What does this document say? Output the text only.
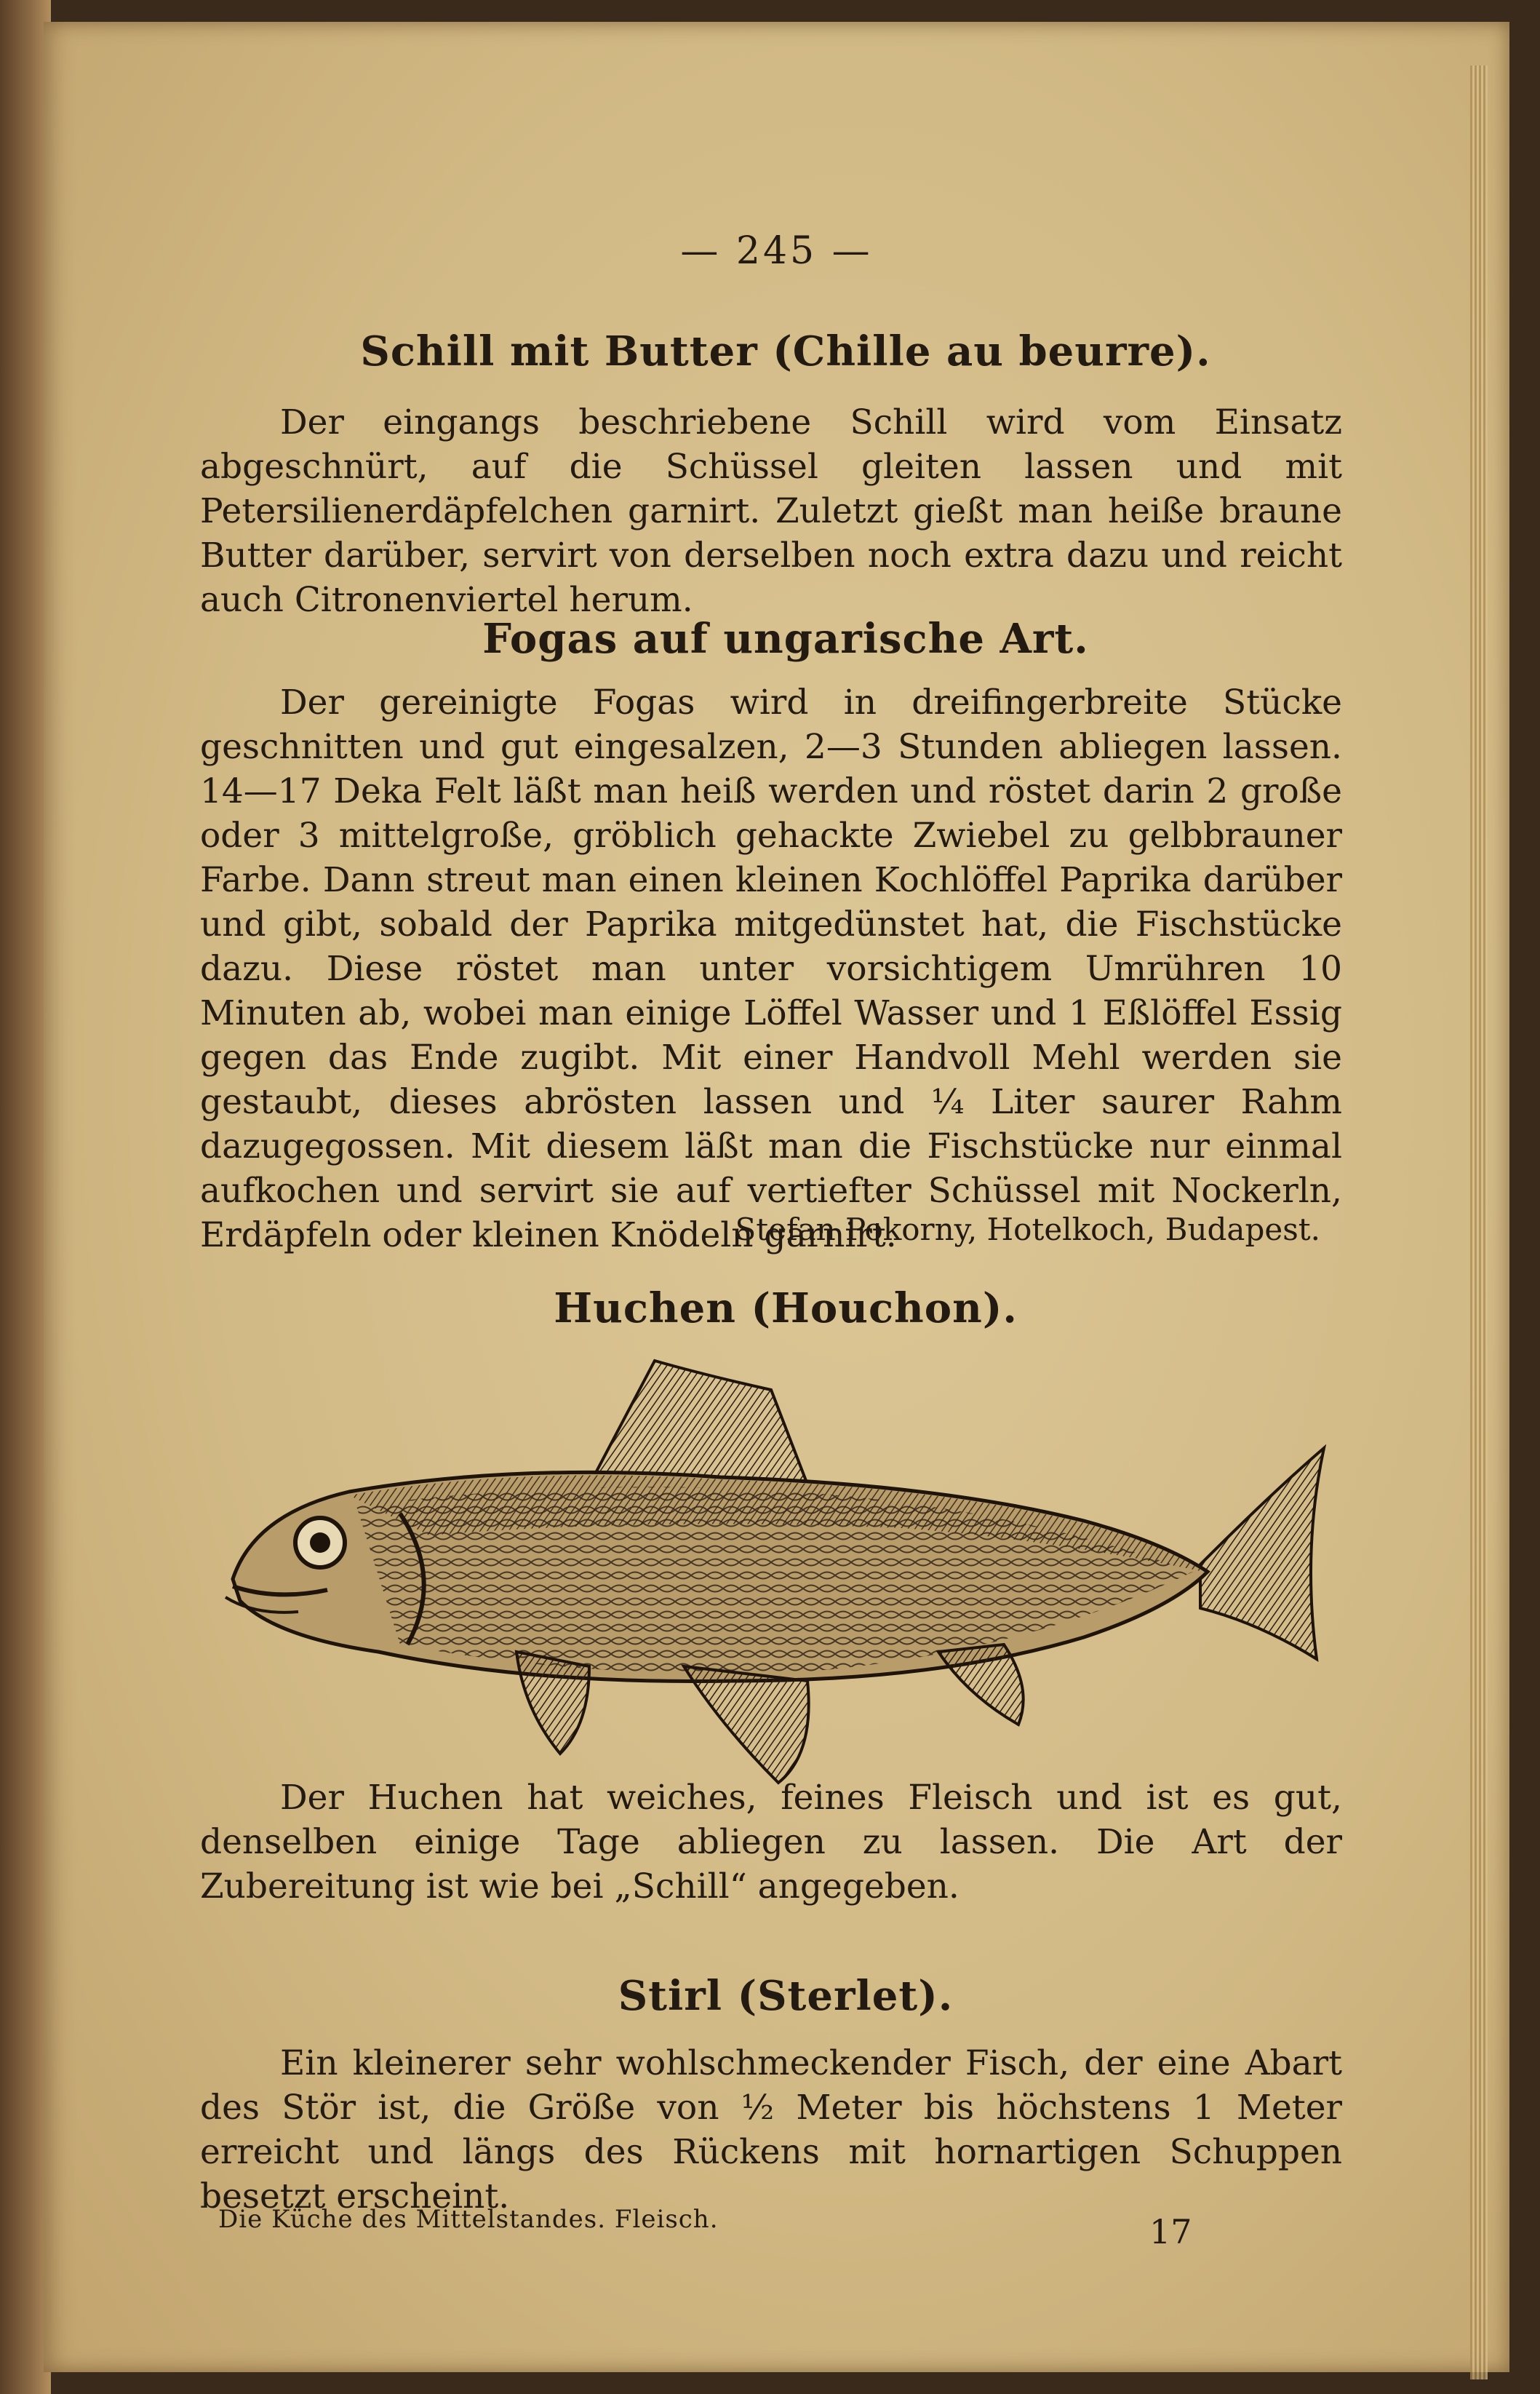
— 245 —
Schill mit Butter (Chille au beurre).
Der eingangs beschriebene Schill wird vom Einsatz abgeschnürt, auf die Schüssel gleiten lassen und mit Petersilienerdäpfelchen garnirt. Zuletzt gießt man heiße braune Butter darüber, servirt von derselben noch extra dazu und reicht auch Citronenviertel herum.
Fogas auf ungarische Art.
Der gereinigte Fogas wird in dreifingerbreite Stücke geschnitten und gut eingesalzen, 2—3 Stunden abliegen lassen. 14—17 Deka Felt läßt man heiß werden und röstet darin 2 große oder 3 mittelgroße, gröblich gehackte Zwiebel zu gelbbrauner Farbe. Dann streut man einen kleinen Kochlöffel Paprika darüber und gibt, sobald der Paprika mitgedünstet hat, die Fischstücke dazu. Diese röstet man unter vorsichtigem Umrühren 10 Minuten ab, wobei man einige Löffel Wasser und 1 Eßlöffel Essig gegen das Ende zugibt. Mit einer Handvoll Mehl werden sie gestaubt, dieses abrösten lassen und ¼ Liter saurer Rahm dazugegossen. Mit diesem läßt man die Fischstücke nur einmal aufkochen und servirt sie auf vertiefter Schüssel mit Nockerln, Erdäpfeln oder kleinen Knödeln garnirt.
Stefan Pokorny, Hotelkoch, Budapest.
Huchen (Houchon).
Der Huchen hat weiches, feines Fleisch und ist es gut, denselben einige Tage abliegen zu lassen. Die Art der Zubereitung ist wie bei „Schill“ angegeben.
Stirl (Sterlet).
Ein kleinerer sehr wohlschmeckender Fisch, der eine Abart des Stör ist, die Größe von ½ Meter bis höchstens 1 Meter erreicht und längs des Rückens mit hornartigen Schuppen besetzt erscheint.
Die Küche des Mittelstandes. Fleisch.	17
